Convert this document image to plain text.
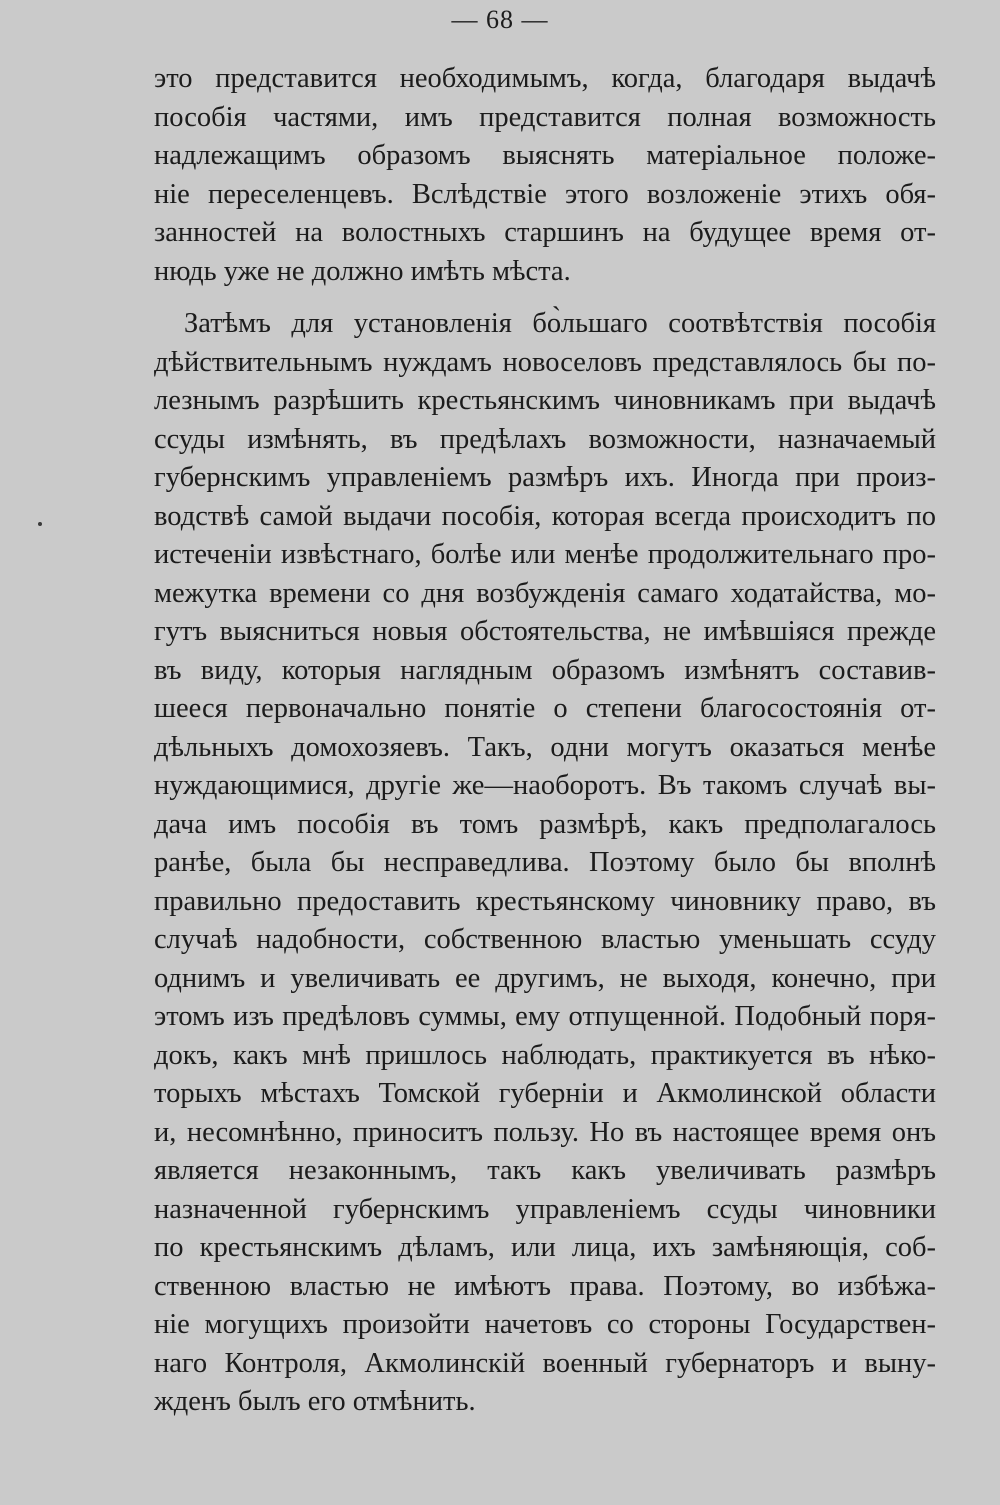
— 68 —
это представится необходимымъ, когда, благодаря выдачѣ
пособія частями, имъ представится полная возможность
надлежащимъ образомъ выяснять матеріальное положе-
ніе переселенцевъ. Вслѣдствіе этого возложеніе этихъ обя-
занностей на волостныхъ старшинъ на будущее время от-
нюдь уже не должно имѣть мѣста.
Затѣмъ для установленія бо̀льшаго соотвѣтствія пособія
дѣйствительнымъ нуждамъ новоселовъ представлялось бы по-
лезнымъ разрѣшить крестьянскимъ чиновникамъ при выдачѣ
ссуды измѣнять, въ предѣлахъ возможности, назначаемый
губернскимъ управленіемъ размѣръ ихъ. Иногда при произ-
водствѣ самой выдачи пособія, которая всегда происходитъ по
истеченіи извѣстнаго, болѣе или менѣе продолжительнаго про-
межутка времени со дня возбужденія самаго ходатайства, мо-
гутъ выясниться новыя обстоятельства, не имѣвшіяся прежде
въ виду, которыя наглядным образомъ измѣнятъ составив-
шееся первоначально понятіе о степени благосостоянія от-
дѣльныхъ домохозяевъ. Такъ, одни могутъ оказаться менѣе
нуждающимися, другіе же—наоборотъ. Въ такомъ случаѣ вы-
дача имъ пособія въ томъ размѣрѣ, какъ предполагалось
ранѣе, была бы несправедлива. Поэтому было бы вполнѣ
правильно предоставить крестьянскому чиновнику право, въ
случаѣ надобности, собственною властью уменьшать ссуду
однимъ и увеличивать ее другимъ, не выходя, конечно, при
этомъ изъ предѣловъ суммы, ему отпущенной. Подобный поря-
докъ, какъ мнѣ пришлось наблюдать, практикуется въ нѣко-
торыхъ мѣстахъ Томской губерніи и Акмолинской области
и, несомнѣнно, приноситъ пользу. Но въ настоящее время онъ
является незаконнымъ, такъ какъ увеличивать размѣръ
назначенной губернскимъ управленіемъ ссуды чиновники
по крестьянскимъ дѣламъ, или лица, ихъ замѣняющія, соб-
ственною властью не имѣютъ права. Поэтому, во избѣжа-
ніе могущихъ произойти начетовъ со стороны Государствен-
наго Контроля, Акмолинскій военный губернаторъ и выну-
жденъ былъ его отмѣнить.
